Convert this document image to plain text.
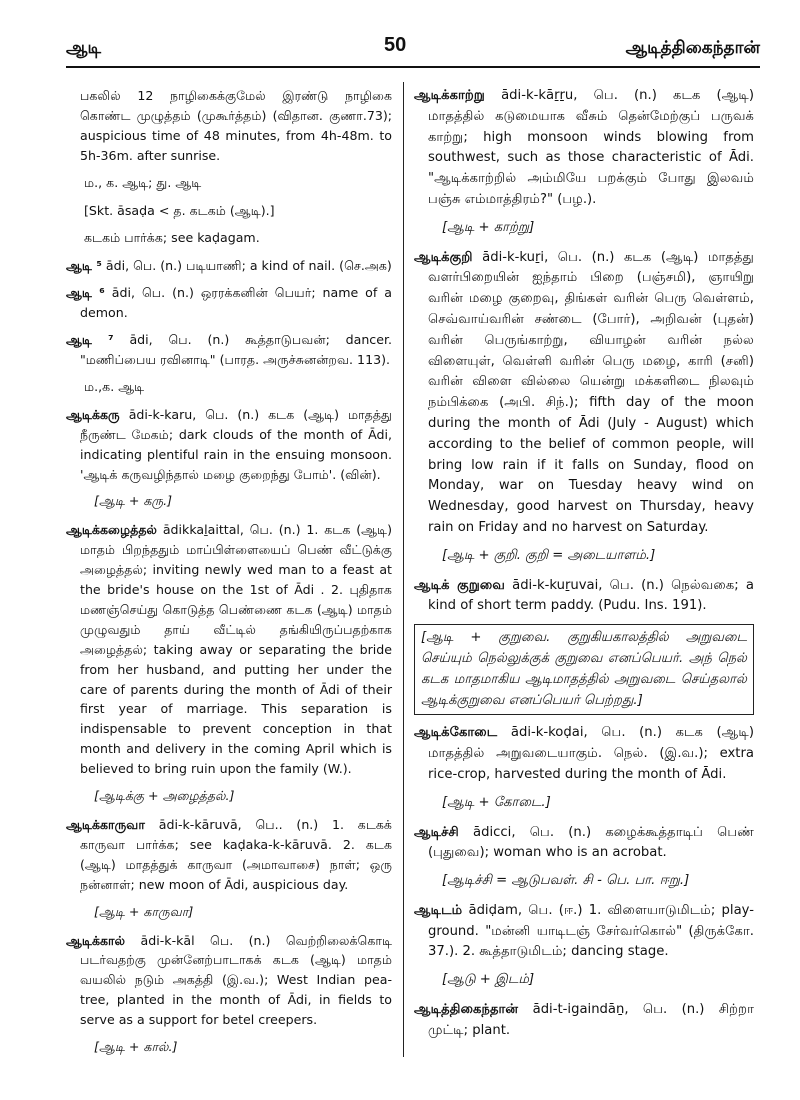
ஆடி	50	ஆடித்திகைந்தான்
பகலில் 12 நாழிகைக்குமேல் இரண்டு நாழிகை கொண்ட முழுத்தம் (முகூர்த்தம்) (விதான. குணா.73); auspicious time of 48 minutes, from 4h-48m. to 5h-36m. after sunrise.
ம., க. ஆடி; து. ஆடி
[Skt. āsaḍa < த. கடகம் (ஆடி).]
கடகம் பார்க்க; see kaḍagam.
ஆடி ⁵ ādi, பெ. (n.) படியாணி; a kind of nail. (செ.அக)
ஆடி ⁶ ādi, பெ. (n.) ஒரரக்கனின் பெயர்; name of a demon.
ஆடி ⁷ ādi, பெ. (n.) கூத்தாடுபவன்; dancer. "மணிப்பைய ரவினாடி" (பாரத. அருச்சுனன்றவ. 113).
ம.,க. ஆடி
ஆடிக்கரு ādi-k-karu, பெ. (n.) கடக (ஆடி) மாதத்து நீருண்ட மேகம்; dark clouds of the month of Ādi, indicating plentiful rain in the ensuing monsoon. 'ஆடிக் கருவழிந்தால் மழை குறைந்து போம்'. (வின்).
[ஆடி + கரு.]
ஆடிக்கழைத்தல் ādikkaḻaittal, பெ. (n.) 1. கடக (ஆடி) மாதம் பிறந்ததும் மாப்பிள்ளையைப் பெண் வீட்டுக்கு அழைத்தல்; inviting newly wed man to a feast at the bride's house on the 1st of Ādi . 2. புதிதாக மணஞ்செய்து கொடுத்த பெண்ணை கடக (ஆடி) மாதம் முழுவதும் தாய் வீட்டில் தங்கியிருப்பதற்காக அழைத்தல்; taking away or separating the bride from her husband, and putting her under the care of parents during the month of Ādi of their first year of marriage. This separation is indispensable to prevent conception in that month and delivery in the coming April which is believed to bring ruin upon the family (W.).
[ஆடிக்கு + அழைத்தல்.]
ஆடிக்காருவா ādi-k-kāruvā, பெ.. (n.) 1. கடகக் காருவா பார்க்க; see kaḍaka-k-kāruvā. 2. கடக (ஆடி) மாதத்துக் காருவா (அமாவாசை) நாள்; ஒரு நன்னாள்; new moon of Ādi, auspicious day.
[ஆடி + காருவா]
ஆடிக்கால் ādi-k-kāl பெ. (n.) வெற்றிலைக்கொடி படர்வதற்கு முன்னேற்பாடாகக் கடக (ஆடி) மாதம் வயலில் நடும் அகத்தி (இ.வ.); West Indian pea-tree, planted in the month of Ādi, in fields to serve as a support for betel creepers.
[ஆடி + கால்.]
ஆடிக்காற்று ādi-k-kāṟṟu, பெ. (n.) கடக (ஆடி) மாதத்தில் கடுமையாக வீசும் தென்மேற்குப் பருவக் காற்று; high monsoon winds blowing from southwest, such as those characteristic of Ādi. "ஆடிக்காற்றில் அம்மியே பறக்கும் போது இலவம் பஞ்சு எம்மாத்திரம்?" (பழ.).
[ஆடி + காற்று]
ஆடிக்குறி ādi-k-kuṟi, பெ. (n.) கடக (ஆடி) மாதத்து வளர்பிறையின் ஐந்தாம் பிறை (பஞ்சமி), ஞாயிறு வரின் மழை குறைவு, திங்கள் வரின் பெரு வெள்ளம், செவ்வாய்வரின் சண்டை (போர்), அறிவன் (புதன்) வரின் பெருங்காற்று, வியாழன் வரின் நல்ல விளையுள், வெள்ளி வரின் பெரு மழை, காரி (சனி) வரின் விளை வில்லை யென்று மக்களிடை நிலவும் நம்பிக்கை (அபி. சிந்.); fifth day of the moon during the month of Ādi (July - August) which according to the belief of common people, will bring low rain if it falls on Sunday, flood on Monday, war on Tuesday heavy wind on Wednesday, good harvest on Thursday, heavy rain on Friday and no harvest on Saturday.
[ஆடி + குறி. குறி = அடையாளம்.]
ஆடிக் குறுவை ādi-k-kuṟuvai, பெ. (n.) நெல்வகை; a kind of short term paddy. (Pudu. Ins. 191).
[ஆடி + குறுவை. குறுகியகாலத்தில் அறுவடை செய்யும் நெல்லுக்குக் குறுவை எனப்பெயர். அந் நெல் கடக மாதமாகிய ஆடிமாதத்தில் அறுவடை செய்தலால் ஆடிக்குறுவை எனப்பெயர் பெற்றது.]
ஆடிக்கோடை ādi-k-koḍai, பெ. (n.) கடக (ஆடி) மாதத்தில் அறுவடையாகும். நெல். (இ.வ.); extra rice-crop, harvested during the month of Ādi.
[ஆடி + கோடை.]
ஆடிச்சி ādicci, பெ. (n.) கழைக்கூத்தாடிப் பெண் (புதுவை); woman who is an acrobat.
[ஆடிச்சி = ஆடுபவள். சி - பெ. பா. ஈறு.]
ஆடிடம் ādiḍam, பெ. (ஈ.) 1. விளையாடுமிடம்; play-ground. "மன்னி யாடிடஞ் சேர்வர்கொல்" (திருக்கோ. 37.). 2. கூத்தாடுமிடம்; dancing stage.
[ஆடு + இடம்]
ஆடித்திகைந்தான் ādi-t-igaindāṉ, பெ. (n.) சிற்றா முட்டி; plant.
